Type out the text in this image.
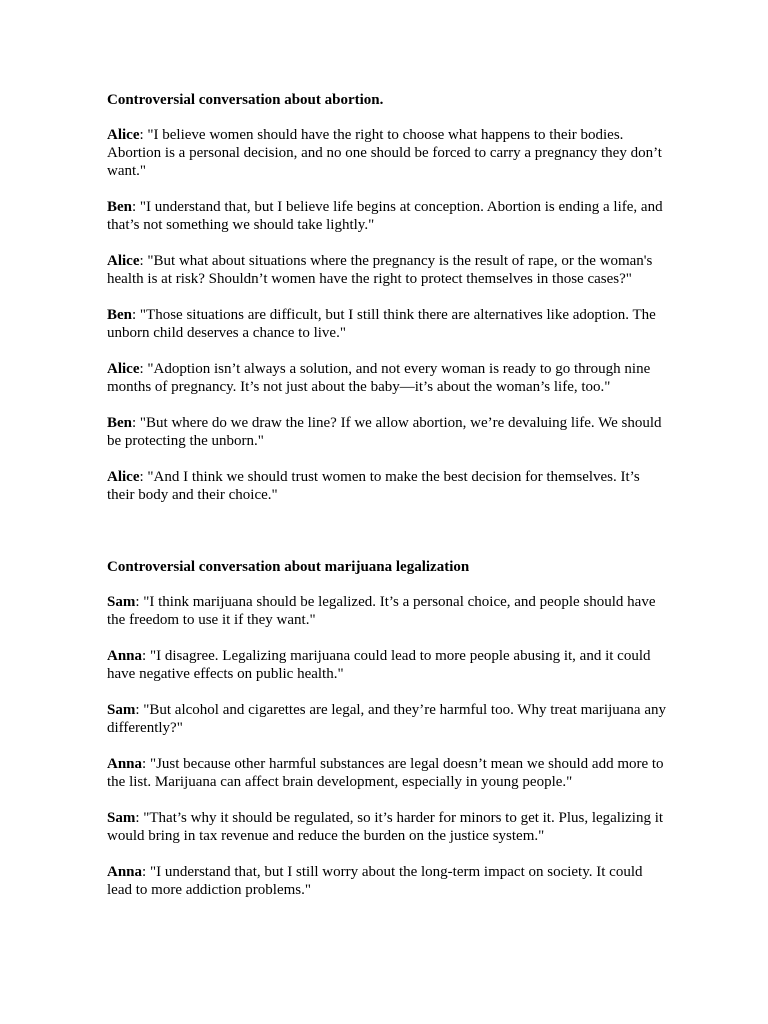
Controversial conversation about abortion.

Alice: "I believe women should have the right to choose what happens to their bodies. Abortion is a personal decision, and no one should be forced to carry a pregnancy they don’t want."

Ben: "I understand that, but I believe life begins at conception. Abortion is ending a life, and that’s not something we should take lightly."

Alice: "But what about situations where the pregnancy is the result of rape, or the woman's health is at risk? Shouldn’t women have the right to protect themselves in those cases?"

Ben: "Those situations are difficult, but I still think there are alternatives like adoption. The unborn child deserves a chance to live."

Alice: "Adoption isn’t always a solution, and not every woman is ready to go through nine months of pregnancy. It’s not just about the baby—it’s about the woman’s life, too."

Ben: "But where do we draw the line? If we allow abortion, we’re devaluing life. We should be protecting the unborn."

Alice: "And I think we should trust women to make the best decision for themselves. It’s their body and their choice."

Controversial conversation about marijuana legalization

Sam: "I think marijuana should be legalized. It’s a personal choice, and people should have the freedom to use it if they want."

Anna: "I disagree. Legalizing marijuana could lead to more people abusing it, and it could have negative effects on public health."

Sam: "But alcohol and cigarettes are legal, and they’re harmful too. Why treat marijuana any differently?"

Anna: "Just because other harmful substances are legal doesn’t mean we should add more to the list. Marijuana can affect brain development, especially in young people."

Sam: "That’s why it should be regulated, so it’s harder for minors to get it. Plus, legalizing it would bring in tax revenue and reduce the burden on the justice system."

Anna: "I understand that, but I still worry about the long-term impact on society. It could lead to more addiction problems."
